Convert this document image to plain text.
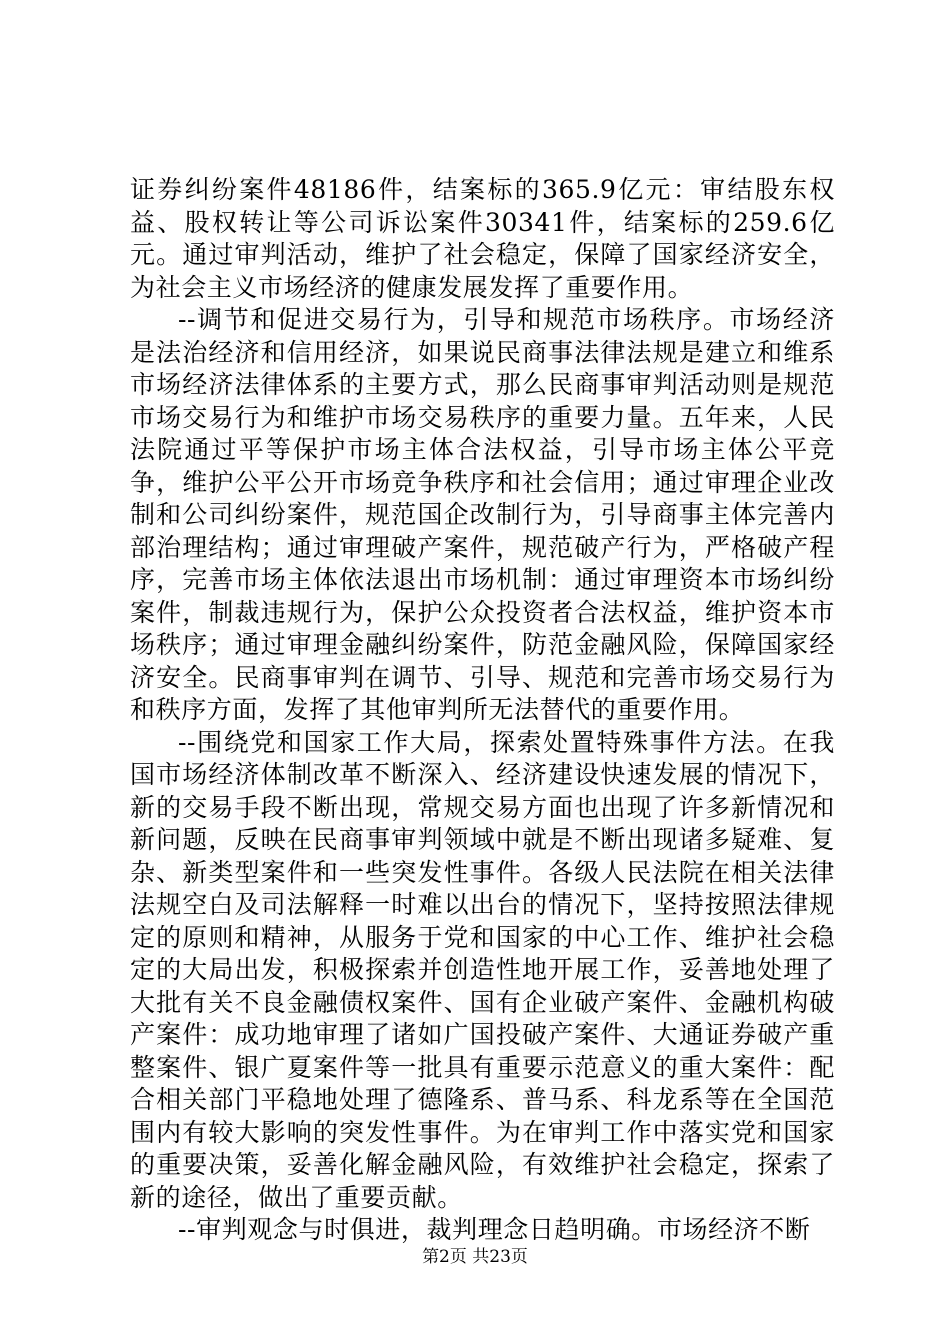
证券纠纷案件48186件，结案标的365.9亿元：审结股东权益、股权转让等公司诉讼案件30341件，结案标的259.6亿元。通过审判活动，维护了社会稳定，保障了国家经济安全，为社会主义市场经济的健康发展发挥了重要作用。

--调节和促进交易行为，引导和规范市场秩序。市场经济是法治经济和信用经济，如果说民商事法律法规是建立和维系市场经济法律体系的主要方式，那么民商事审判活动则是规范市场交易行为和维护市场交易秩序的重要力量。五年来，人民法院通过平等保护市场主体合法权益，引导市场主体公平竞争，维护公平公开市场竞争秩序和社会信用；通过审理企业改制和公司纠纷案件，规范国企改制行为，引导商事主体完善内部治理结构；通过审理破产案件，规范破产行为，严格破产程序，完善市场主体依法退出市场机制：通过审理资本市场纠纷案件，制裁违规行为，保护公众投资者合法权益，维护资本市场秩序；通过审理金融纠纷案件，防范金融风险，保障国家经济安全。民商事审判在调节、引导、规范和完善市场交易行为和秩序方面，发挥了其他审判所无法替代的重要作用。

--围绕党和国家工作大局，探索处置特殊事件方法。在我国市场经济体制改革不断深入、经济建设快速发展的情况下，新的交易手段不断出现，常规交易方面也出现了许多新情况和新问题，反映在民商事审判领域中就是不断出现诸多疑难、复杂、新类型案件和一些突发性事件。各级人民法院在相关法律法规空白及司法解释一时难以出台的情况下，坚持按照法律规定的原则和精神，从服务于党和国家的中心工作、维护社会稳定的大局出发，积极探索并创造性地开展工作，妥善地处理了大批有关不良金融债权案件、国有企业破产案件、金融机构破产案件：成功地审理了诸如广国投破产案件、大通证券破产重整案件、银广夏案件等一批具有重要示范意义的重大案件：配合相关部门平稳地处理了德隆系、普马系、科龙系等在全国范围内有较大影响的突发性事件。为在审判工作中落实党和国家的重要决策，妥善化解金融风险，有效维护社会稳定，探索了新的途径，做出了重要贡献。

--审判观念与时俱进，裁判理念日趋明确。市场经济不断

第2页 共23页
